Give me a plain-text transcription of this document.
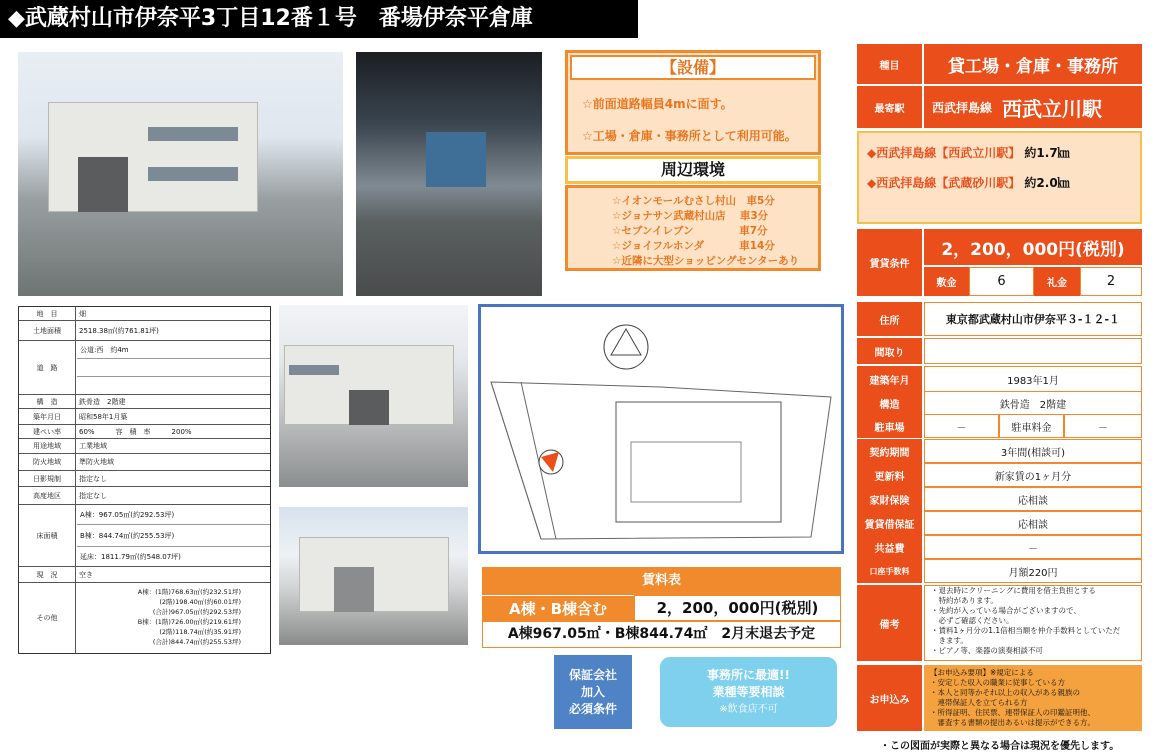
◆武蔵村山市伊奈平3丁目12番１号　番場伊奈平倉庫
【設備】
☆前面道路幅員4mに面す。
☆工場・倉庫・事務所として利用可能。
周辺環境
☆イオンモールむさし村山　車5分
☆ジョナサン武蔵村山店　 車3分
☆セブンイレブン　　　　 車7分
☆ジョイフルホンダ　　　 車14分
☆近隣に大型ショッピングセンターあり
地　目	畑
土地面積	2518.38㎡(約761.81坪)
道　路
公道:西　約4m
構　造	鉄骨造　2階建
築年月日	昭和58年1月築
建ぺい率	60%　　　容　積　率　　　200%
用途地域	工業地域
防火地域	準防火地域
日影規制	指定なし
高度地区	指定なし
床面積
A棟：967.05㎡(約292.53坪)
B棟：844.74㎡(約255.53坪)
延床：1811.79㎡(約548.07坪)
現　況	空き
その他
A棟：(1階)768.63㎡(約232.51坪)
(2階)198.40㎡(約60.01坪)
(合計)967.05㎡(約292.53坪)
B棟：(1階)726.00㎡(約219.61坪)
(2階)118.74㎡(約35.91坪)
(合計)844.74㎡(約255.53坪)
賃料表
A棟・B棟含む	2，200，000円(税別)
A棟967.05㎡・B棟844.74㎡　2月末退去予定
保証会社
加入
必須条件
事務所に最適!!
業種等要相談
※飲食店不可
種目	貸工場・倉庫・事務所
最寄駅	西武拝島線 西武立川駅
◆西武拝島線【西武立川駅】 約1.7㎞
◆西武拝島線【武蔵砂川駅】 約2.0㎞
賃貸条件
2，200，000円(税別)
敷金	6	礼金	2
住所	東京都武蔵村山市伊奈平３-１２-１
間取り
建築年月	1983年1月
構造	鉄骨造　2階建
駐車場	－	駐車料金	－
契約期間	3年間(相談可)
更新料	新家賃の1ヶ月分
家財保険	応相談
賃貸借保証	応相談
共益費	－
口座手数料	月額220円
備考
・退去時にクリーニングに費用を借主負担とする
　特約があります。
・先約が入っている場合がございますので、
　必ずご確認ください。
・賃料1ヶ月分の1.1倍相当額を仲介手数料としていただ
　きます。
・ピアノ等、楽器の演奏相談不可
お申込み
【お申込み要項】※規定による
・安定した収入の職業に従事している方
・本人と同等かそれ以上の収入がある親族の
　連帯保証人を立てられる方
・所得証明、住民票、連帯保証人の印鑑証明他、
　審査する書類の提出あるいは提示ができる方。
・この図面が実際と異なる場合は現況を優先します。
